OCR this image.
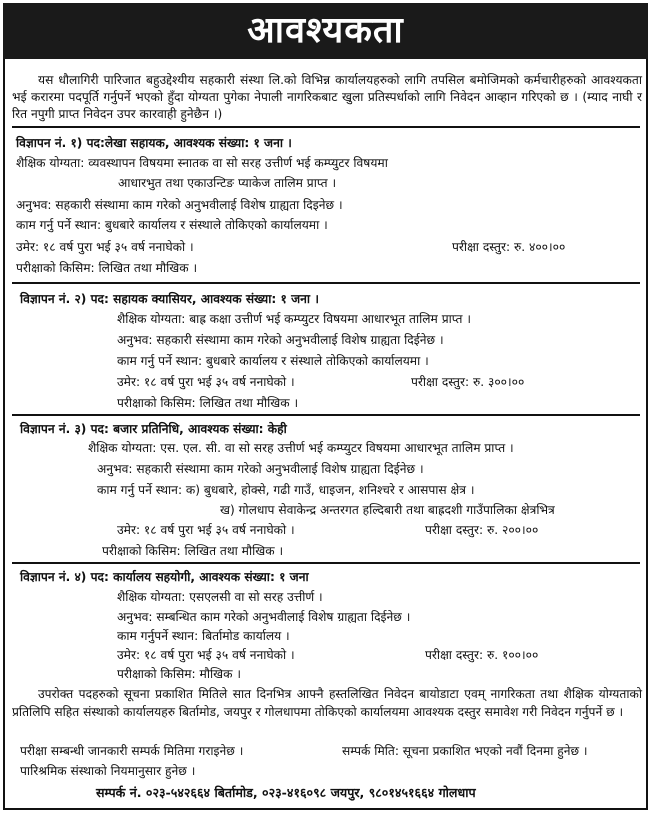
आवश्यकता
यस धौलागिरी पारिजात बहुउद्देश्यीय सहकारी संस्था लि.को विभिन्न कार्यालयहरुको लागि तपसिल बमोजिमको कर्मचारीहरुको आवश्यकता भई करारमा पदपूर्ति गर्नुपर्ने भएको हुँदा योग्यता पुगेका नेपाली नागरिकबाट खुला प्रतिस्पर्धाको लागि निवेदन आव्हान गरिएको छ । (म्याद नाघी र रित नपुगी प्राप्त निवेदन उपर कारवाही हुनेछैन ।)
विज्ञापन नं. १) पद:लेखा सहायक, आवश्यक संख्या: १ जना ।
शैक्षिक योग्यता: व्यवस्थापन विषयमा स्नातक वा सो सरह उत्तीर्ण भई कम्प्युटर विषयमा
आधारभुत तथा एकाउन्टिङ प्याकेज तालिम प्राप्त ।
अनुभव: सहकारी संस्थामा काम गरेको अनुभवीलाई विशेष ग्राह्यता दिइनेछ ।
काम गर्नु पर्ने स्थान: बुधबारे कार्यालय र संस्थाले तोकिएको कार्यालयमा ।
उमेर: १८ वर्ष पुरा भई ३५ वर्ष ननाघेको ।	परीक्षा दस्तुर: रु. ४००।००
परीक्षाको किसिम: लिखित तथा मौखिक ।
विज्ञापन नं. २) पद: सहायक क्यासियर, आवश्यक संख्या: १ जना ।
शैक्षिक योग्यता: बाह्र कक्षा उत्तीर्ण भई कम्प्युटर विषयमा आधारभूत तालिम प्राप्त ।
अनुभव: सहकारी संस्थामा काम गरेको अनुभवीलाई विशेष ग्राह्यता दिईनेछ ।
काम गर्नु पर्ने स्थान: बुधबारे कार्यालय र संस्थाले तोकिएको कार्यालयमा ।
उमेर: १८ वर्ष पुरा भई ३५ वर्ष ननाघेको ।	परीक्षा दस्तुर: रु. ३००।००
परीक्षाको किसिम: लिखित तथा मौखिक ।
विज्ञापन नं. ३) पद: बजार प्रतिनिधि, आवश्यक संख्या: केही
शैक्षिक योग्यता: एस. एल. सी. वा सो सरह उत्तीर्ण भई कम्प्युटर विषयमा आधारभूत तालिम प्राप्त ।
अनुभव: सहकारी संस्थामा काम गरेको अनुभवीलाई विशेष ग्राह्यता दिईनेछ ।
काम गर्नु पर्ने स्थान: क) बुधबारे, होक्से, गढी गाउँ, धाइजन, शनिश्चरे र आसपास क्षेत्र ।
ख) गोलधाप सेवाकेन्द्र अन्तरगत हल्दिबारी तथा बाह्रदशी गाउँपालिका क्षेत्रभित्र
उमेर: १८ वर्ष पुरा भई ३५ वर्ष ननाघेको ।	परीक्षा दस्तुर: रु. २००।००
परीक्षाको किसिम: लिखित तथा मौखिक ।
विज्ञापन नं. ४) पद: कार्यालय सहयोगी, आवश्यक संख्या: १ जना
शैक्षिक योग्यता: एसएलसी वा सो सरह उत्तीर्ण ।
अनुभव: सम्बन्धित काम गरेको अनुभवीलाई विशेष ग्राह्यता दिईनेछ ।
काम गर्नुपर्ने स्थान: बिर्तामोड कार्यालय ।
उमेर: १८ वर्ष पुरा भई ३५ वर्ष ननाघेको ।	परीक्षा दस्तुर: रु. १००।००
परीक्षाको किसिम: मौखिक ।
उपरोक्त पदहरुको सूचना प्रकाशित मितिले सात दिनभित्र आफ्नै हस्तलिखित निवेदन बायोडाटा एवम् नागरिकता तथा शैक्षिक योग्यताको प्रतिलिपि सहित संस्थाको कार्यालयहरु बिर्तामोड, जयपुर र गोलधापमा तोकिएको कार्यालयमा आवश्यक दस्तुर समावेश गरी निवेदन गर्नुपर्ने छ ।
परीक्षा सम्बन्धी जानकारी सम्पर्क मितिमा गराइनेछ ।	सम्पर्क मिति: सूचना प्रकाशित भएको नवौं दिनमा हुनेछ ।
पारिश्रमिक संस्थाको नियमानुसार हुनेछ ।
सम्पर्क नं. ०२३-५४२६६४ बिर्तामोड, ०२३-४१६०९८ जयपुर, ९८०१४५१६६४ गोलधाप
